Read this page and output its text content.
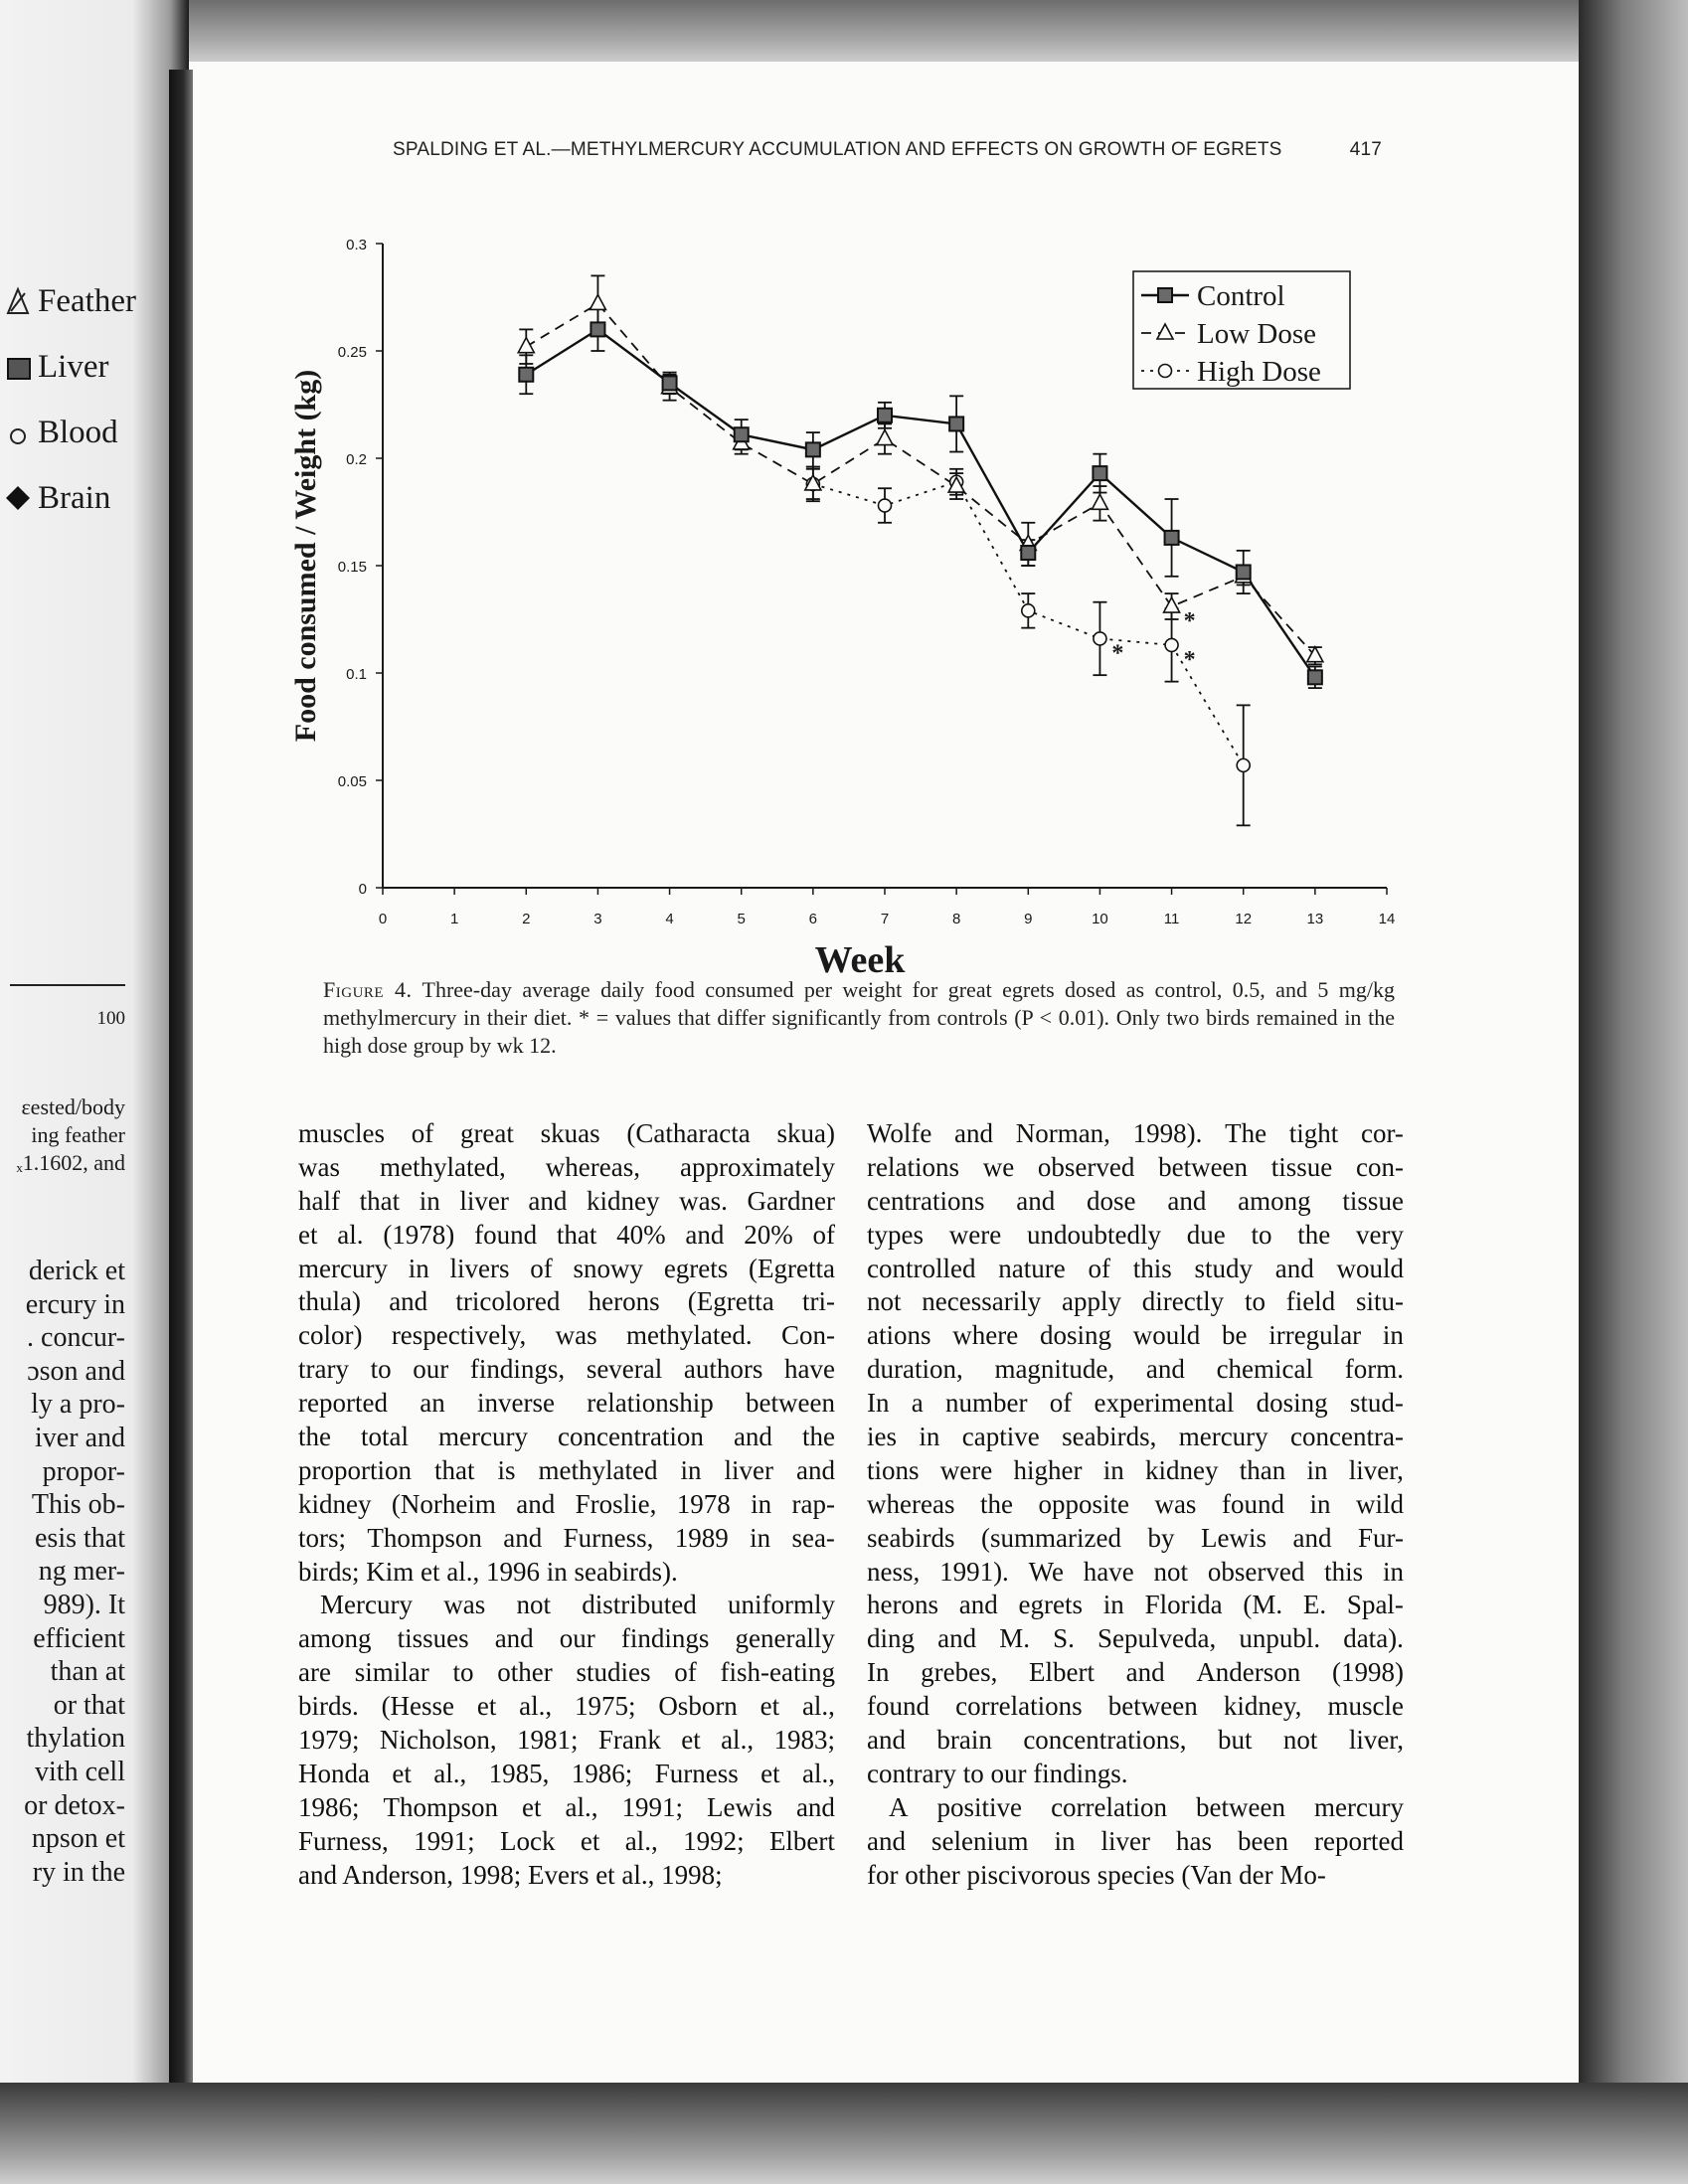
Feather
Liver
Blood
Brain
100
ɛested/body
ing feather
ₓ1.1602, and
derick et
ercury in
. concur-
ɔson and
ly a pro-
iver and
propor-
This ob-
esis that
ng mer-
989). It
efficient
than at
or that
thylation
vith cell
or detox-
npson et
ry in the
SPALDING ET AL.—METHYLMERCURY ACCUMULATION AND EFFECTS ON GROWTH OF EGRETS	417
0
0.05
0.1
0.15
0.2
0.25
0.3
0	1	2	3	4	5	6	7	8	9	10	11	12	13	14
Week
Food consumed / Weight (kg)	*
*	*
Control
Low Dose
High Dose
Figure 4. Three-day average daily food consumed per weight for great egrets dosed as control, 0.5, and 5 mg/kg methylmercury in their diet. * = values that differ significantly from controls (P < 0.01). Only two birds remained in the high dose group by wk 12.
muscles of great skuas (Catharacta skua)
was methylated, whereas, approximately
half that in liver and kidney was. Gardner
et al. (1978) found that 40% and 20% of
mercury in livers of snowy egrets (Egretta
thula) and tricolored herons (Egretta tri-
color) respectively, was methylated. Con-
trary to our findings, several authors have
reported an inverse relationship between
the total mercury concentration and the
proportion that is methylated in liver and
kidney (Norheim and Froslie, 1978 in rap-
tors; Thompson and Furness, 1989 in sea-
birds; Kim et al., 1996 in seabirds).
Mercury was not distributed uniformly
among tissues and our findings generally
are similar to other studies of fish-eating
birds. (Hesse et al., 1975; Osborn et al.,
1979; Nicholson, 1981; Frank et al., 1983;
Honda et al., 1985, 1986; Furness et al.,
1986; Thompson et al., 1991; Lewis and
Furness, 1991; Lock et al., 1992; Elbert
and Anderson, 1998; Evers et al., 1998;
Wolfe and Norman, 1998). The tight cor-
relations we observed between tissue con-
centrations and dose and among tissue
types were undoubtedly due to the very
controlled nature of this study and would
not necessarily apply directly to field situ-
ations where dosing would be irregular in
duration, magnitude, and chemical form.
In a number of experimental dosing stud-
ies in captive seabirds, mercury concentra-
tions were higher in kidney than in liver,
whereas the opposite was found in wild
seabirds (summarized by Lewis and Fur-
ness, 1991). We have not observed this in
herons and egrets in Florida (M. E. Spal-
ding and M. S. Sepulveda, unpubl. data).
In grebes, Elbert and Anderson (1998)
found correlations between kidney, muscle
and brain concentrations, but not liver,
contrary to our findings.
A positive correlation between mercury
and selenium in liver has been reported
for other piscivorous species (Van der Mo-
